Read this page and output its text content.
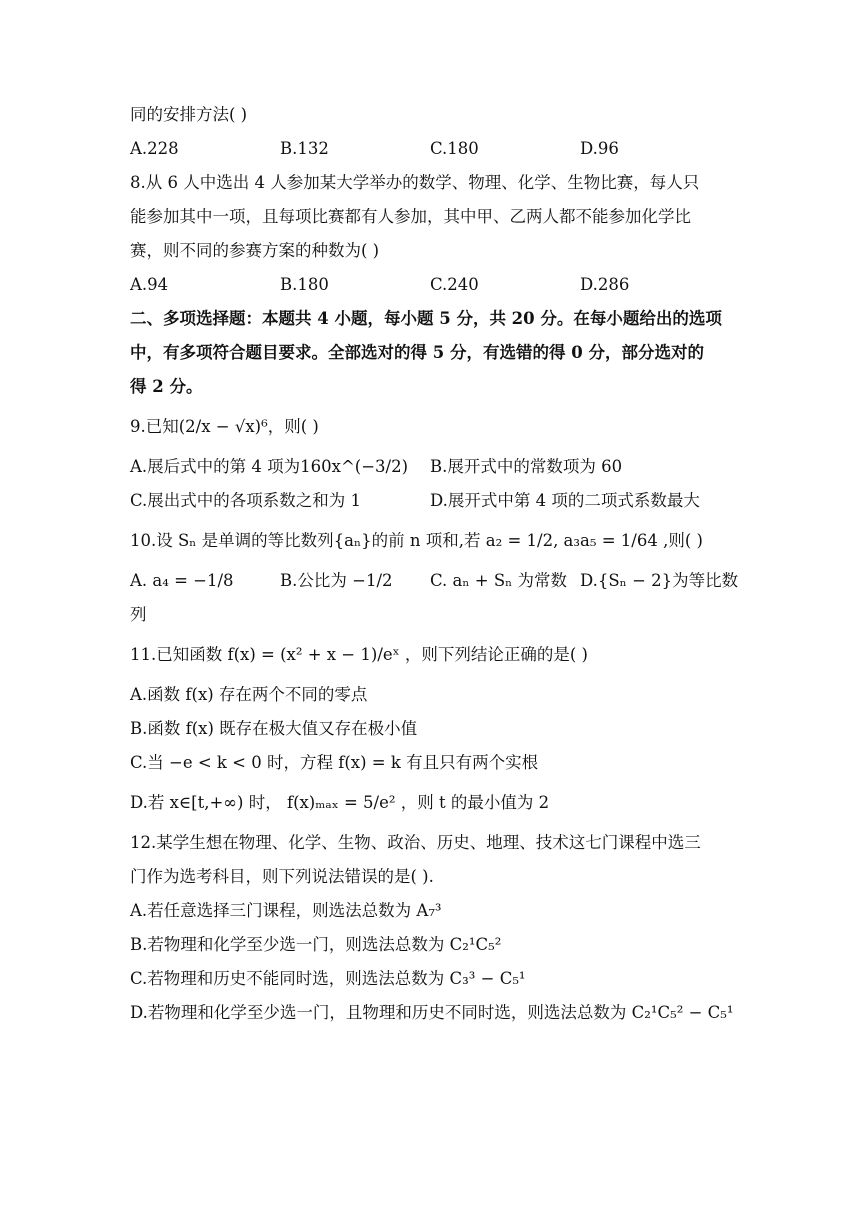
同的安排方法( )
A.228	B.132	C.180	D.96
8.从 6 人中选出 4 人参加某大学举办的数学、物理、化学、生物比赛，每人只
能参加其中一项，且每项比赛都有人参加，其中甲、乙两人都不能参加化学比
赛，则不同的参赛方案的种数为( )
A.94	B.180	C.240	D.286
二、多项选择题：本题共 4 小题，每小题 5 分，共 20 分。在每小题给出的选项
中，有多项符合题目要求。全部选对的得 5 分，有选错的得 0 分，部分选对的
得 2 分。
9.已知(2/x − √x)⁶，则( )
A.展后式中的第 4 项为160x^(−3/2) B.展开式中的常数项为 60
C.展出式中的各项系数之和为 1	D.展开式中第 4 项的二项式系数最大
10.设 Sₙ 是单调的等比数列{aₙ}的前 n 项和,若 a₂ = 1/2, a₃a₅ = 1/64 ,则( )
A. a₄ = −1/8	B.公比为 −1/2 C. aₙ + Sₙ 为常数 D.{Sₙ − 2}为等比数
列
11.已知函数 f(x) = (x² + x − 1)/eˣ ，则下列结论正确的是( )
A.函数 f(x) 存在两个不同的零点
B.函数 f(x) 既存在极大值又存在极小值
C.当 −e < k < 0 时，方程 f(x) = k 有且只有两个实根
D.若 x∈[t,+∞) 时， f(x)ₘₐₓ = 5/e² ，则 t 的最小值为 2
12.某学生想在物理、化学、生物、政治、历史、地理、技术这七门课程中选三
门作为选考科目，则下列说法错误的是( ).
A.若任意选择三门课程，则选法总数为 A₇³
B.若物理和化学至少选一门，则选法总数为 C₂¹C₅²
C.若物理和历史不能同时选，则选法总数为 C₃³ − C₅¹
D.若物理和化学至少选一门，且物理和历史不同时选，则选法总数为 C₂¹C₅² − C₅¹
